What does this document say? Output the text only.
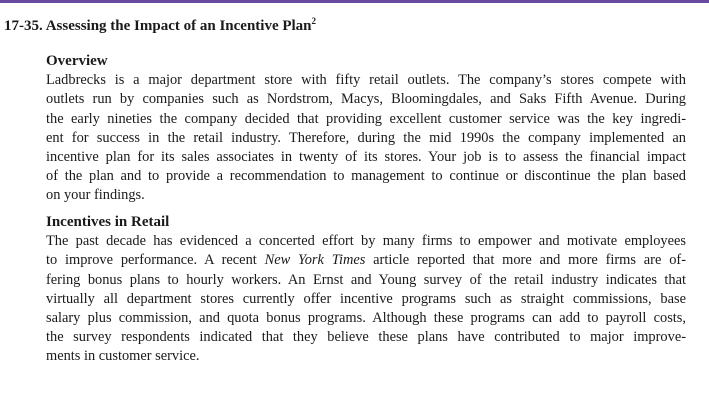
17-35. Assessing the Impact of an Incentive Plan$^2$
Overview

Ladbrecks is a major department store with fifty retail outlets. The company’s stores compete with
outlets run by companies such as Nordstrom, Macys, Bloomingdales, and Saks Fifth Avenue. During
the early nineties the company decided that providing excellent customer service was the key ingredi-
ent for success in the retail industry. Therefore, during the mid 1990s the company implemented an
incentive plan for its sales associates in twenty of its stores. Your job is to assess the financial impact
of the plan and to provide a recommendation to management to continue or discontinue the plan based
on your findings.

Incentives in Retail

The past decade has evidenced a concerted effort by many firms to empower and motivate employees
to improve performance. A recent New York Times article reported that more and more firms are of-
fering bonus plans to hourly workers. An Ernst and Young survey of the retail industry indicates that
virtually all department stores currently offer incentive programs such as straight commissions, base
salary plus commission, and quota bonus programs. Although these programs can add to payroll costs,
the survey respondents indicated that they believe these plans have contributed to major improve-
ments in customer service.
